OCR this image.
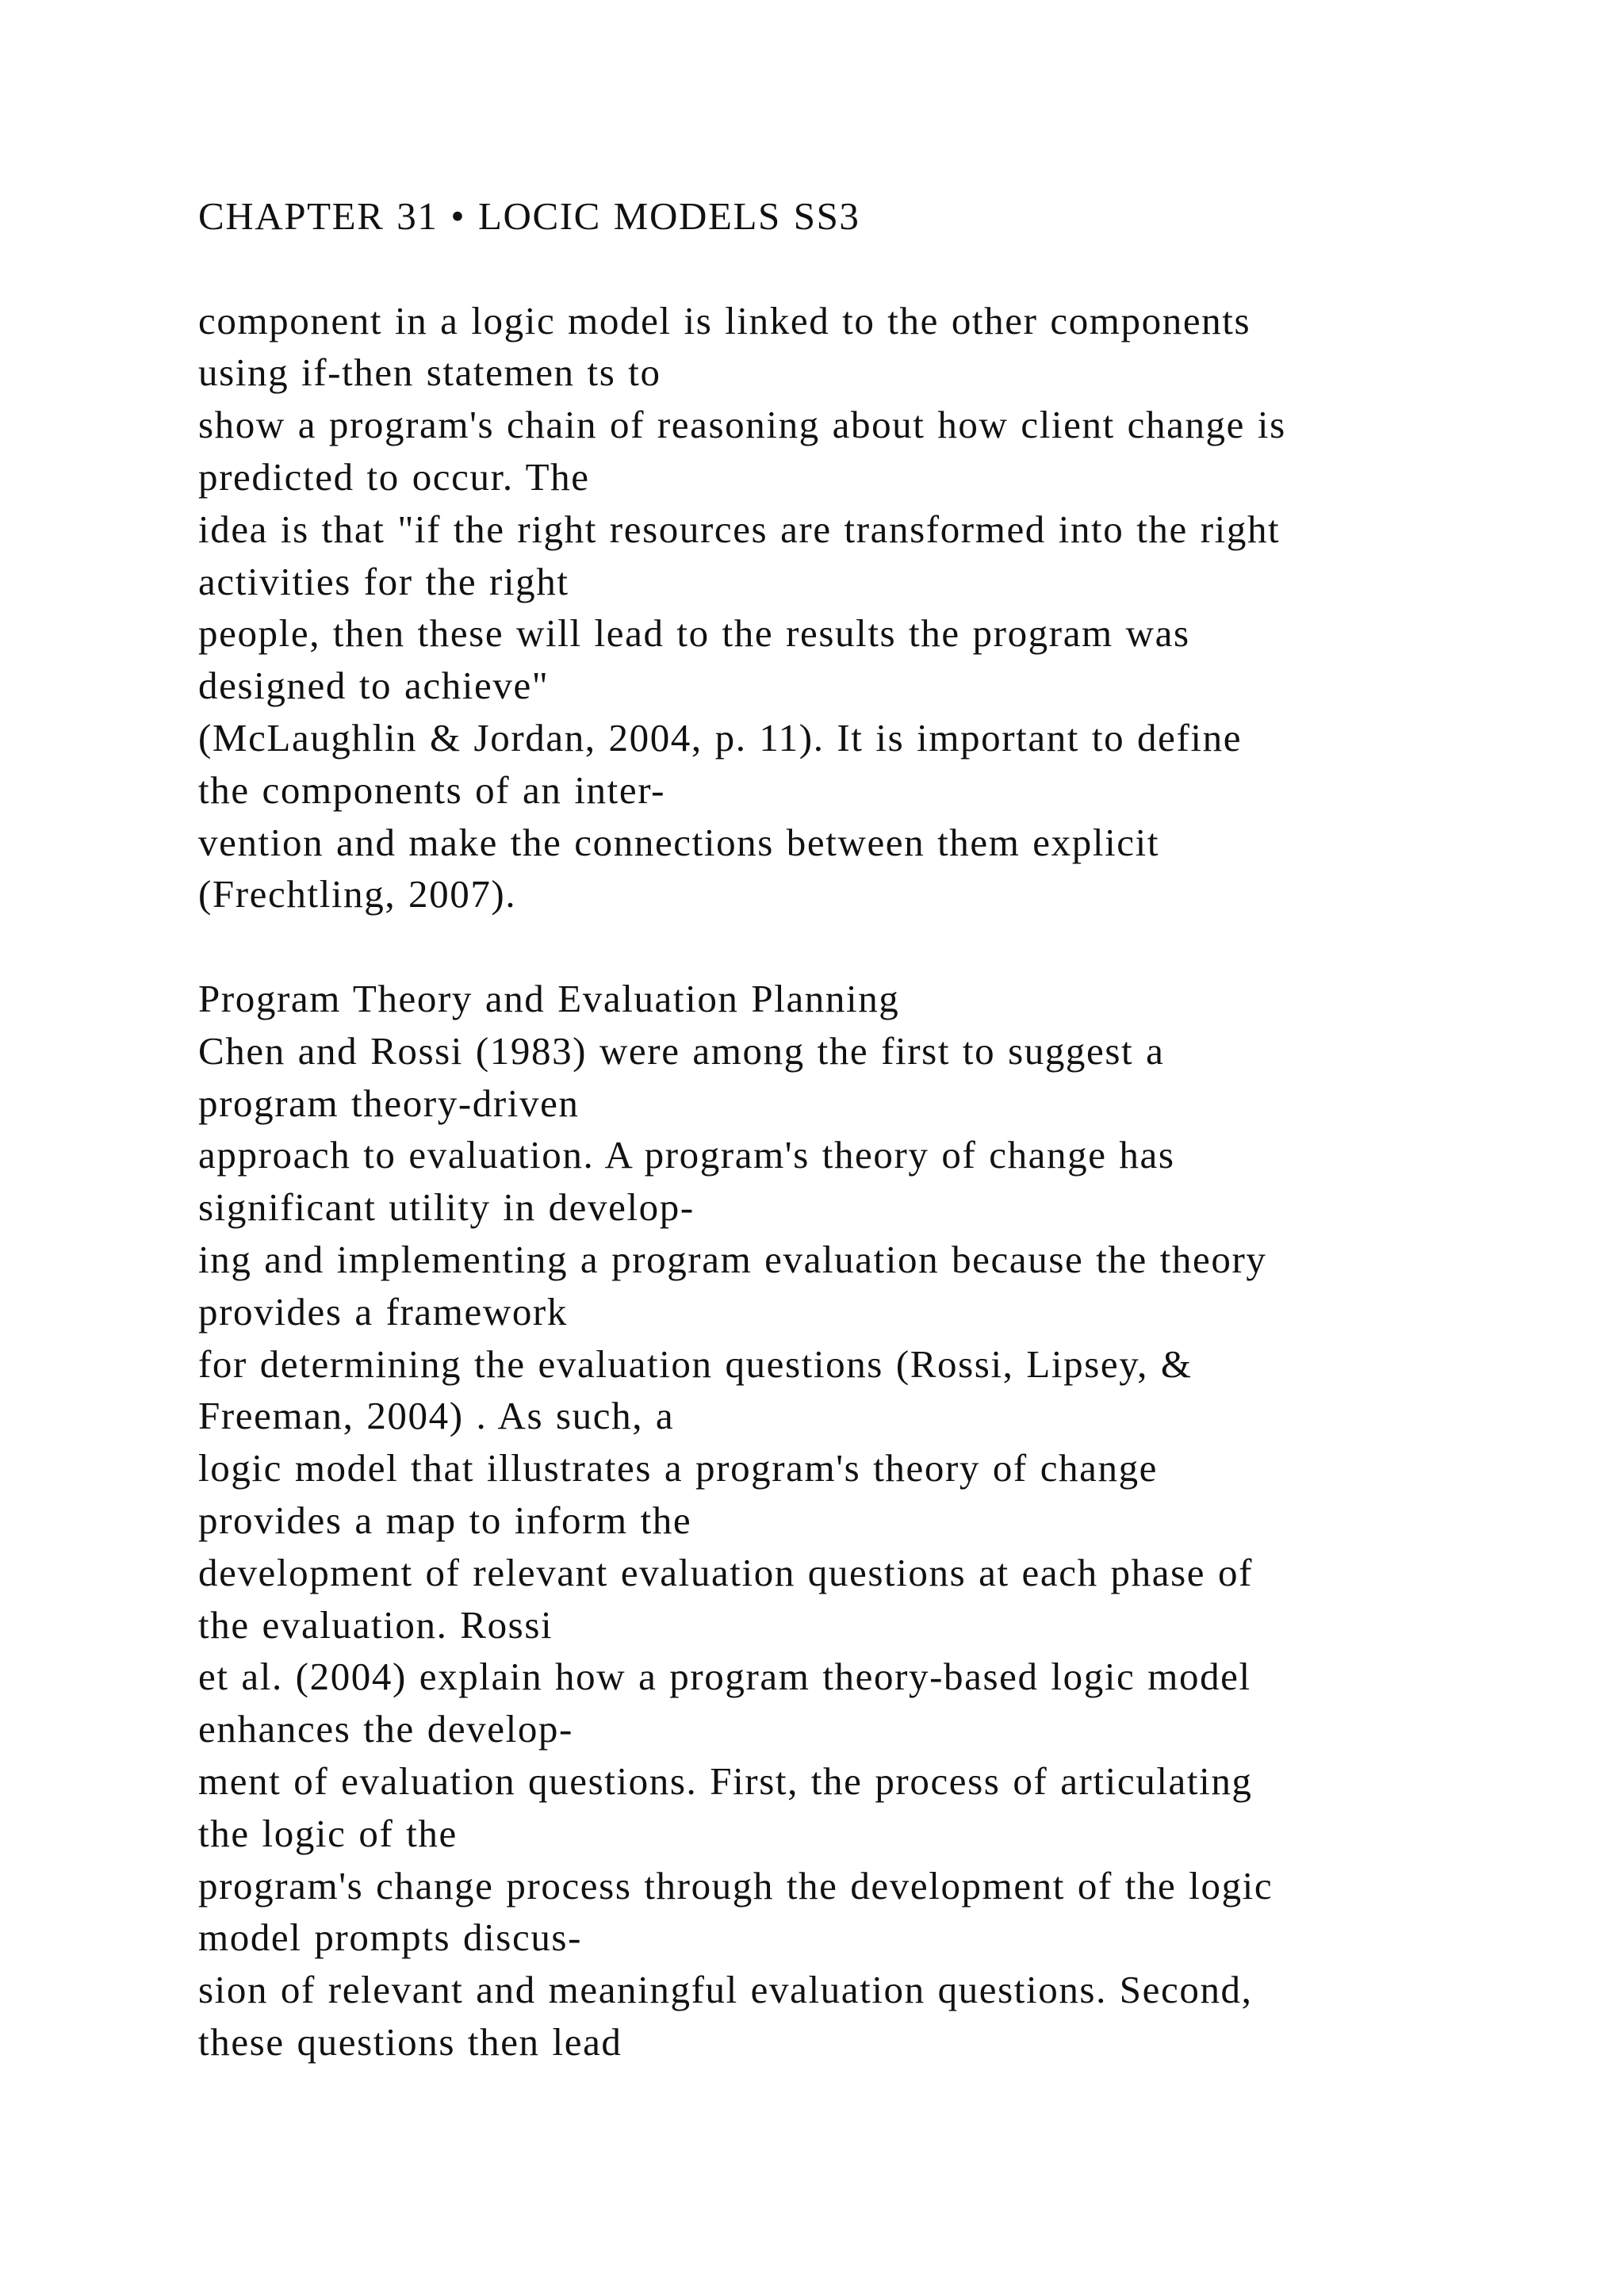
CHAPTER 31 • LOCIC MODELS SS3
component in a logic model is linked to the other components
using if-then statemen ts to
show a program's chain of reasoning about how client change is
predicted to occur. The
idea is that "if the right resources are transformed into the right
activities for the right
people, then these will lead to the results the program was
designed to achieve"
(McLaughlin & Jordan, 2004, p. 11). It is important to define
the components of an inter-
vention and make the connections between them explicit
(Frechtling, 2007).
Program Theory and Evaluation Planning
Chen and Rossi (1983) were among the first to suggest a
program theory-driven
approach to evaluation. A program's theory of change has
significant utility in develop-
ing and implementing a program evaluation because the theory
provides a framework
for determining the evaluation questions (Rossi, Lipsey, &
Freeman, 2004) . As such, a
logic model that illustrates a program's theory of change
provides a map to inform the
development of relevant evaluation questions at each phase of
the evaluation. Rossi
et al. (2004) explain how a program theory-based logic model
enhances the develop-
ment of evaluation questions. First, the process of articulating
the logic of the
program's change process through the development of the logic
model prompts discus-
sion of relevant and meaningful evaluation questions. Second,
these questions then lead
